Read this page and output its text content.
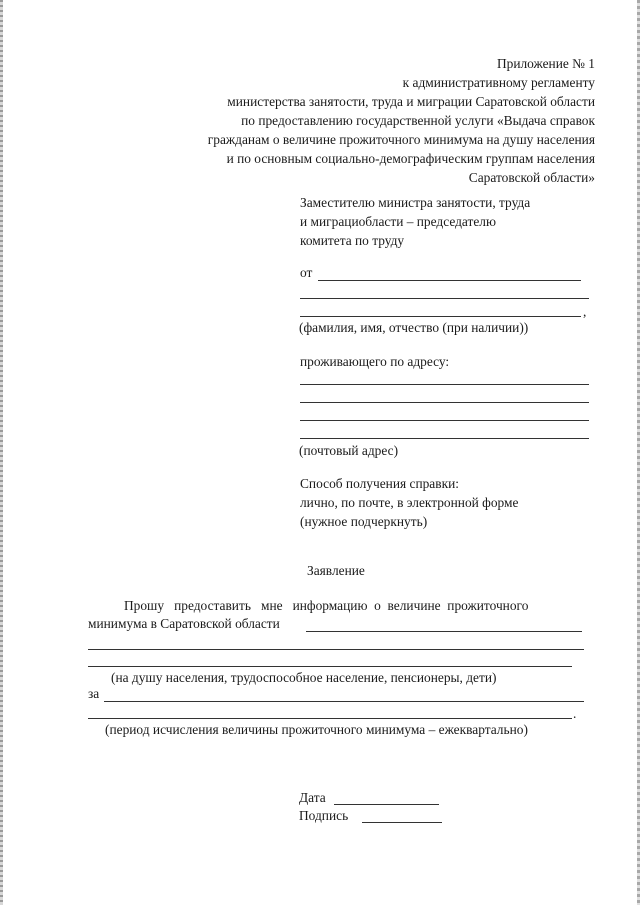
Приложение № 1
к административному регламенту
министерства занятости, труда и миграции Саратовской области
по предоставлению государственной услуги «Выдача справок
гражданам о величине прожиточного минимума на душу населения
и по основным социально-демографическим группам населения
Саратовской области»
Заместителю министра занятости, труда
и миграциобласти – председателю
комитета по труду
от
,
(фамилия, имя, отчество (при наличии))
проживающего по адресу:
(почтовый адрес)
Способ получения справки:
лично, по почте, в электронной форме
(нужное подчеркнуть)
Заявление
Прошу   предоставить   мне   информацию  о  величине  прожиточного
минимума в Саратовской области
(на душу населения, трудоспособное население, пенсионеры, дети)
за
.
(период исчисления величины прожиточного минимума – ежеквартально)
Дата
Подпись
